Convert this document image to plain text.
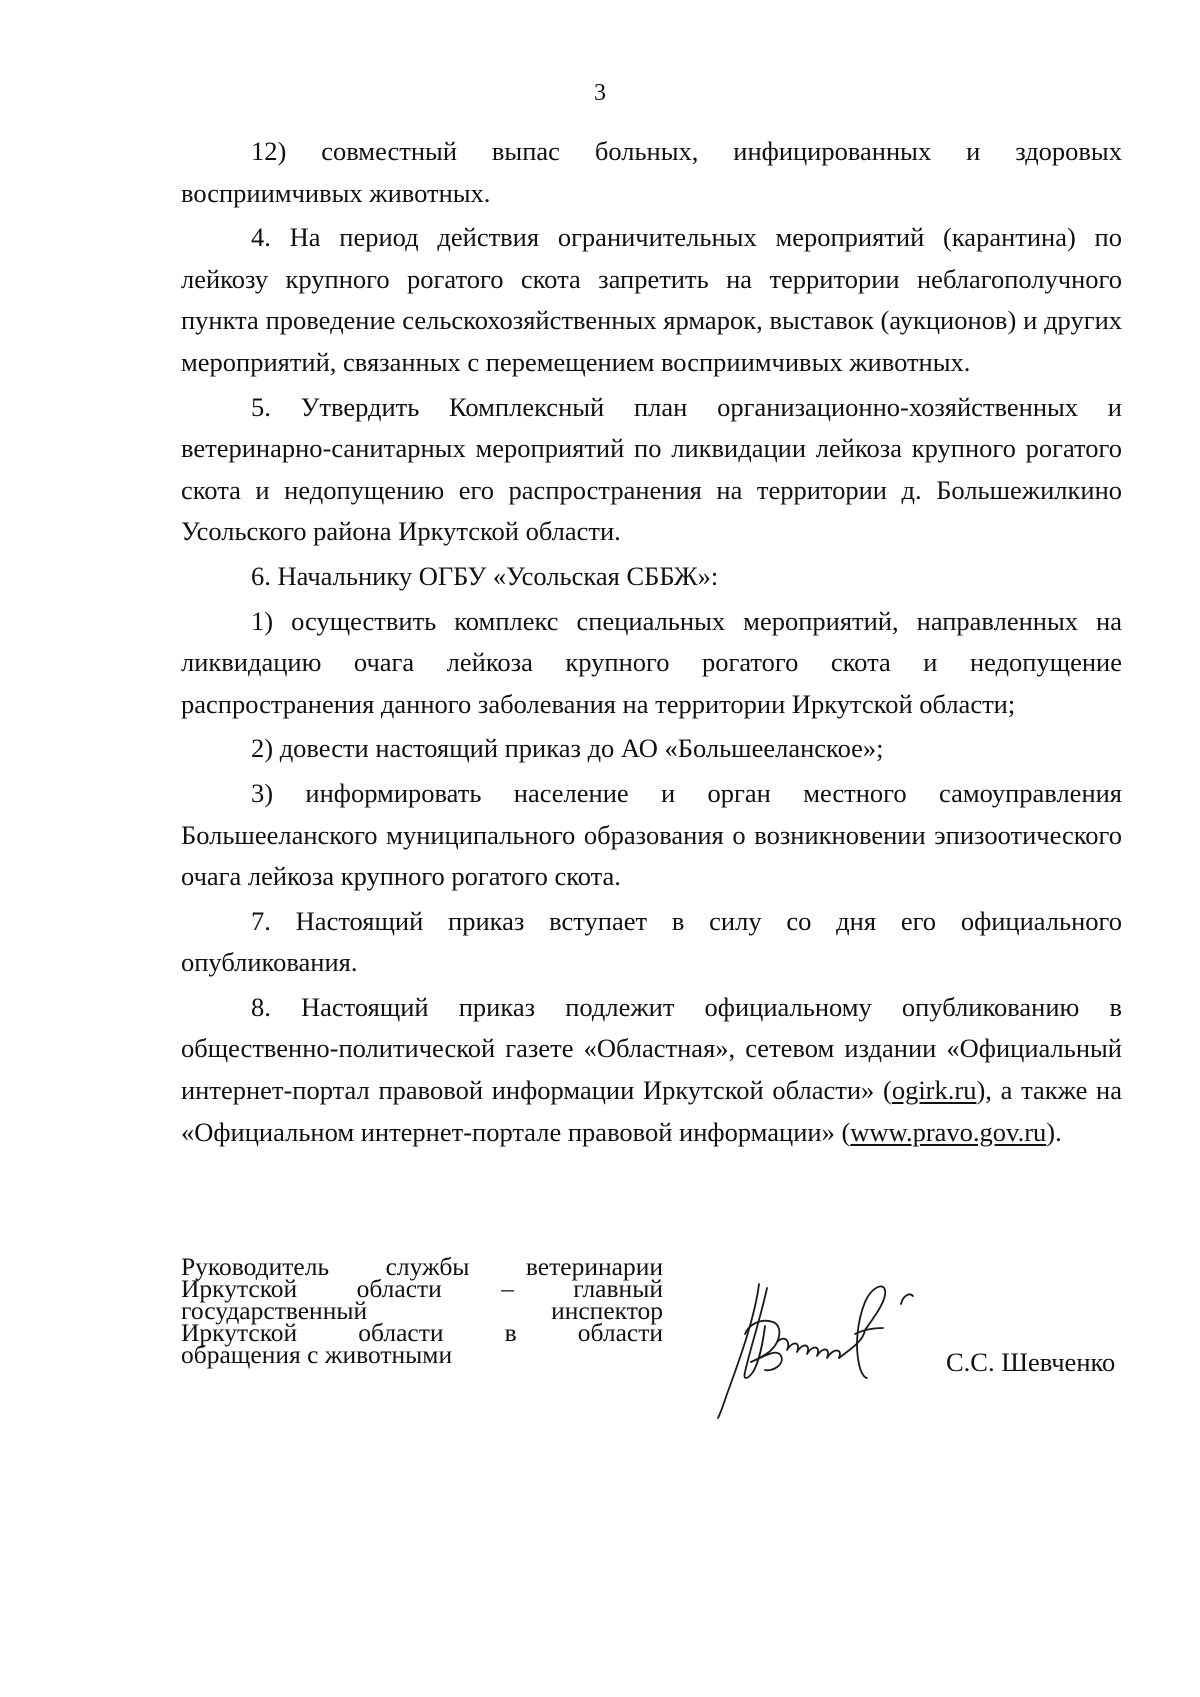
3

12) совместный выпас больных, инфицированных и здоровых восприимчивых животных.

4. На период действия ограничительных мероприятий (карантина) по лейкозу крупного рогатого скота запретить на территории неблагополучного пункта проведение сельскохозяйственных ярмарок, выставок (аукционов) и других мероприятий, связанных с перемещением восприимчивых животных.

5. Утвердить Комплексный план организационно-хозяйственных и ветеринарно-санитарных мероприятий по ликвидации лейкоза крупного рогатого скота и недопущению его распространения на территории д. Большежилкино Усольского района Иркутской области.

6. Начальнику ОГБУ «Усольская СББЖ»:

1) осуществить комплекс специальных мероприятий, направленных на ликвидацию очага лейкоза крупного рогатого скота и недопущение распространения данного заболевания на территории Иркутской области;

2) довести настоящий приказ до АО «Большееланское»;

3) информировать население и орган местного самоуправления Большееланского муниципального образования о возникновении эпизоотического очага лейкоза крупного рогатого скота.

7. Настоящий приказ вступает в силу со дня его официального опубликования.

8. Настоящий приказ подлежит официальному опубликованию в общественно-политической газете «Областная», сетевом издании «Официальный интернет-портал правовой информации Иркутской области» (ogirk.ru), а также на «Официальном интернет-портале правовой информации» (www.pravo.gov.ru).

Руководитель службы ветеринарии
Иркутской области – главный
государственный	инспектор
Иркутской области в области
обращения с животными	С.С. Шевченко
